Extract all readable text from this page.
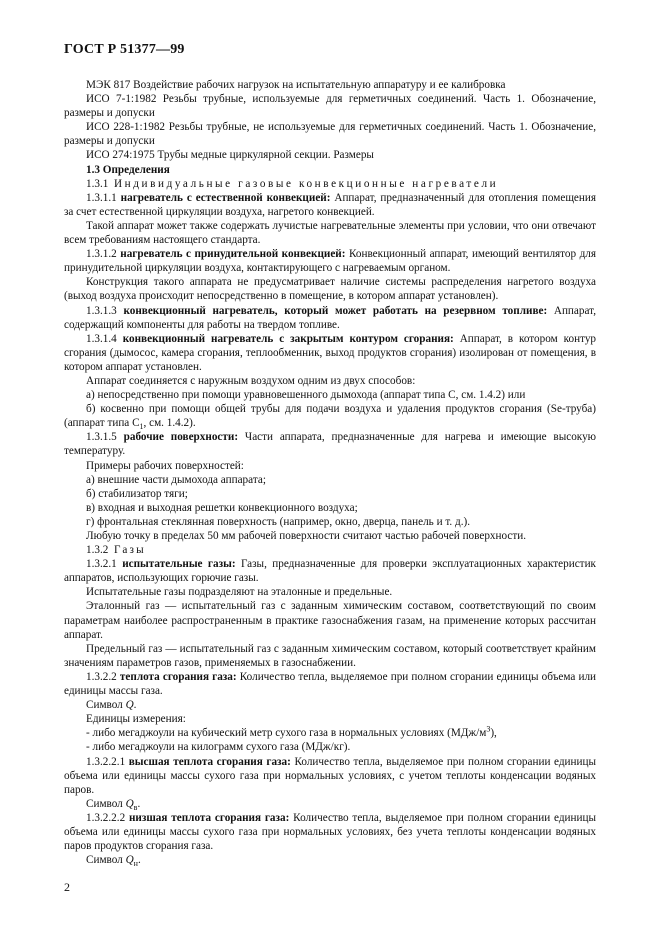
ГОСТ Р 51377—99

МЭК 817 Воздействие рабочих нагрузок на испытательную аппаратуру и ее калибровка

ИСО 7-1:1982 Резьбы трубные, используемые для герметичных соединений. Часть 1. Обозначение, размеры и допуски

ИСО 228-1:1982 Резьбы трубные, не используемые для герметичных соединений. Часть 1. Обозначение, размеры и допуски

ИСО 274:1975 Трубы медные циркулярной секции. Размеры

1.3 Определения

1.3.1 Индивидуальные газовые конвекционные нагреватели

1.3.1.1 нагреватель с естественной конвекцией: Аппарат, предназначенный для отопления помещения за счет естественной циркуляции воздуха, нагретого конвекцией.

Такой аппарат может также содержать лучистые нагревательные элементы при условии, что они отвечают всем требованиям настоящего стандарта.

1.3.1.2 нагреватель с принудительной конвекцией: Конвекционный аппарат, имеющий вентилятор для принудительной циркуляции воздуха, контактирующего с нагреваемым органом.

Конструкция такого аппарата не предусматривает наличие системы распределения нагретого воздуха (выход воздуха происходит непосредственно в помещение, в котором аппарат установлен).

1.3.1.3 конвекционный нагреватель, который может работать на резервном топливе: Аппарат, содержащий компоненты для работы на твердом топливе.

1.3.1.4 конвекционный нагреватель с закрытым контуром сгорания: Аппарат, в котором контур сгорания (дымосос, камера сгорания, теплообменник, выход продуктов сгорания) изолирован от помещения, в котором аппарат установлен.

Аппарат соединяется с наружным воздухом одним из двух способов:

а) непосредственно при помощи уравновешенного дымохода (аппарат типа С, см. 1.4.2) или

б) косвенно при помощи общей трубы для подачи воздуха и удаления продуктов сгорания (Se-труба) (аппарат типа $С_1$, см. 1.4.2).

1.3.1.5 рабочие поверхности: Части аппарата, предназначенные для нагрева и имеющие высокую температуру.

Примеры рабочих поверхностей:

а) внешние части дымохода аппарата;

б) стабилизатор тяги;

в) входная и выходная решетки конвекционного воздуха;

г) фронтальная стеклянная поверхность (например, окно, дверца, панель и т. д.).

Любую точку в пределах 50 мм рабочей поверхности считают частью рабочей поверхности.

1.3.2 Газы

1.3.2.1 испытательные газы: Газы, предназначенные для проверки эксплуатационных характеристик аппаратов, использующих горючие газы.

Испытательные газы подразделяют на эталонные и предельные.

Эталонный газ — испытательный газ с заданным химическим составом, соответствующий по своим параметрам наиболее распространенным в практике газоснабжения газам, на применение которых рассчитан аппарат.

Предельный газ — испытательный газ с заданным химическим составом, который соответствует крайним значениям параметров газов, применяемых в газоснабжении.

1.3.2.2 теплота сгорания газа: Количество тепла, выделяемое при полном сгорании единицы объема или единицы массы газа.

Символ Q.

Единицы измерения:

- либо мегаджоули на кубический метр сухого газа в нормальных условиях $(МДж/м^3)$,

- либо мегаджоули на килограмм сухого газа (МДж/кг).

1.3.2.2.1 высшая теплота сгорания газа: Количество тепла, выделяемое при полном сгорании единицы объема или единицы массы сухого газа при нормальных условиях, с учетом теплоты конденсации водяных паров.

Символ $Q_в$.

1.3.2.2.2 низшая теплота сгорания газа: Количество тепла, выделяемое при полном сгорании единицы объема или единицы массы сухого газа при нормальных условиях, без учета теплоты конденсации водяных паров продуктов сгорания газа.

Символ $Q_н$.

2
